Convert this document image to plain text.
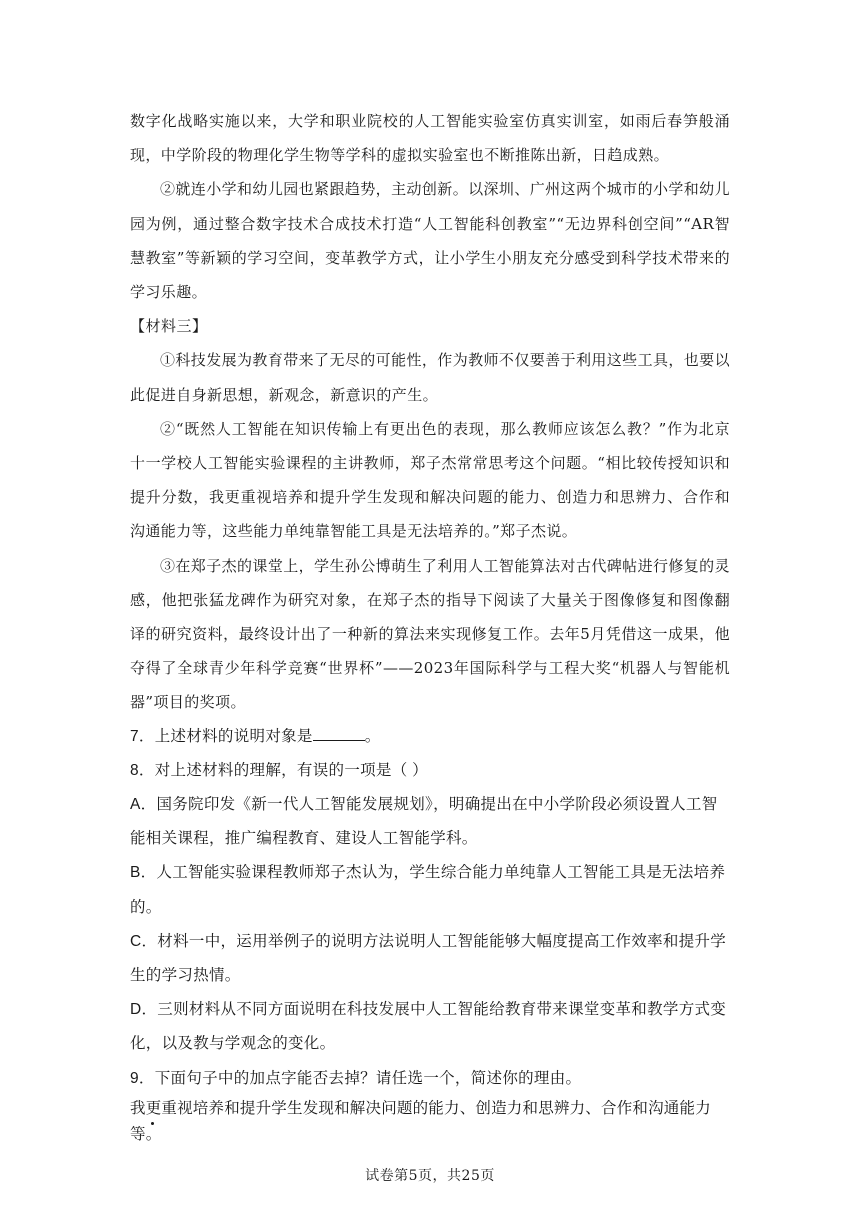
数字化战略实施以来，大学和职业院校的人工智能实验室仿真实训室，如雨后春笋般涌现，中学阶段的物理化学生物等学科的虚拟实验室也不断推陈出新，日趋成熟。

②就连小学和幼儿园也紧跟趋势，主动创新。以深圳、广州这两个城市的小学和幼儿园为例，通过整合数字技术合成技术打造“人工智能科创教室”“无边界科创空间”“AR智慧教室”等新颖的学习空间，变革教学方式，让小学生小朋友充分感受到科学技术带来的学习乐趣。

【材料三】

①科技发展为教育带来了无尽的可能性，作为教师不仅要善于利用这些工具，也要以此促进自身新思想，新观念，新意识的产生。

②“既然人工智能在知识传输上有更出色的表现，那么教师应该怎么教？”作为北京十一学校人工智能实验课程的主讲教师，郑子杰常常思考这个问题。“相比较传授知识和提升分数，我更重视培养和提升学生发现和解决问题的能力、创造力和思辨力、合作和沟通能力等，这些能力单纯靠智能工具是无法培养的。”郑子杰说。

③在郑子杰的课堂上，学生孙公博萌生了利用人工智能算法对古代碑帖进行修复的灵感，他把张猛龙碑作为研究对象，在郑子杰的指导下阅读了大量关于图像修复和图像翻译的研究资料，最终设计出了一种新的算法来实现修复工作。去年5月凭借这一成果，他夺得了全球青少年科学竞赛“世界杯”——2023年国际科学与工程大奖“机器人与智能机器”项目的奖项。

7．上述材料的说明对象是	。

8．对上述材料的理解，有误的一项是（ ）

A．国务院印发《新一代人工智能发展规划》，明确提出在中小学阶段必须设置人工智能相关课程，推广编程教育、建设人工智能学科。

B．人工智能实验课程教师郑子杰认为，学生综合能力单纯靠人工智能工具是无法培养的。

C．材料一中，运用举例子的说明方法说明人工智能能够大幅度提高工作效率和提升学生的学习热情。

D．三则材料从不同方面说明在科技发展中人工智能给教育带来课堂变革和教学方式变化，以及教与学观念的变化。

9．下面句子中的加点字能否去掉？请任选一个，简述你的理由。

我更重视培养和提升学生发现和解决问题的能力、创造力和思辨力、合作和沟通能力等。

试卷第5页，共25页
